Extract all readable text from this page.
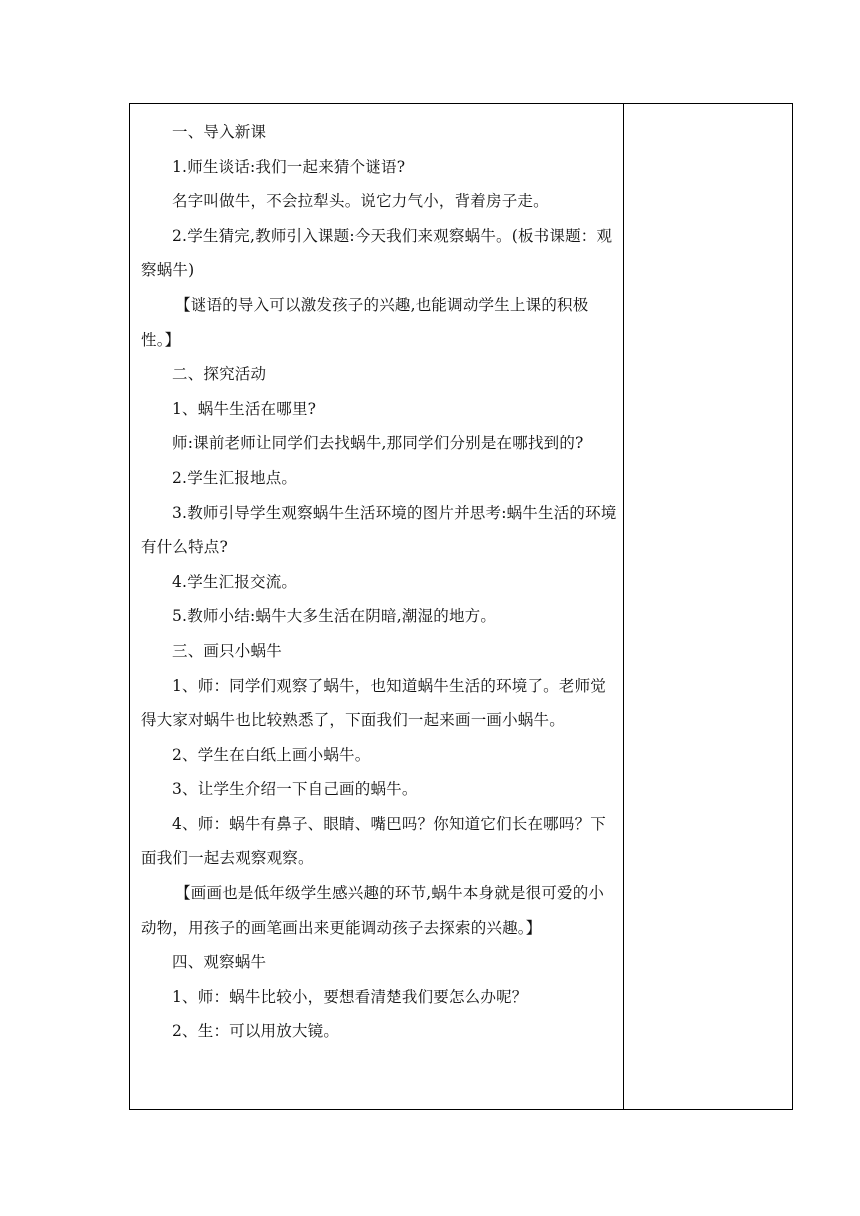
一、导入新课

1.师生谈话:我们一起来猜个谜语?

名字叫做牛，不会拉犁头。说它力气小，背着房子走。

2.学生猜完,教师引入课题:今天我们来观察蜗牛。(板书课题：观察蜗牛)

【谜语的导入可以激发孩子的兴趣,也能调动学生上课的积极性。】

二、探究活动

1、蜗牛生活在哪里?

师:课前老师让同学们去找蜗牛,那同学们分别是在哪找到的?

2.学生汇报地点。

3.教师引导学生观察蜗牛生活环境的图片并思考:蜗牛生活的环境有什么特点?

4.学生汇报交流。

5.教师小结:蜗牛大多生活在阴暗,潮湿的地方。

三、画只小蜗牛

1、师：同学们观察了蜗牛，也知道蜗牛生活的环境了。老师觉得大家对蜗牛也比较熟悉了，下面我们一起来画一画小蜗牛。

2、学生在白纸上画小蜗牛。

3、让学生介绍一下自己画的蜗牛。

4、师：蜗牛有鼻子、眼睛、嘴巴吗？你知道它们长在哪吗？下面我们一起去观察观察。

【画画也是低年级学生感兴趣的环节,蜗牛本身就是很可爱的小动物，用孩子的画笔画出来更能调动孩子去探索的兴趣。】

四、观察蜗牛

1、师：蜗牛比较小，要想看清楚我们要怎么办呢？

2、生：可以用放大镜。
